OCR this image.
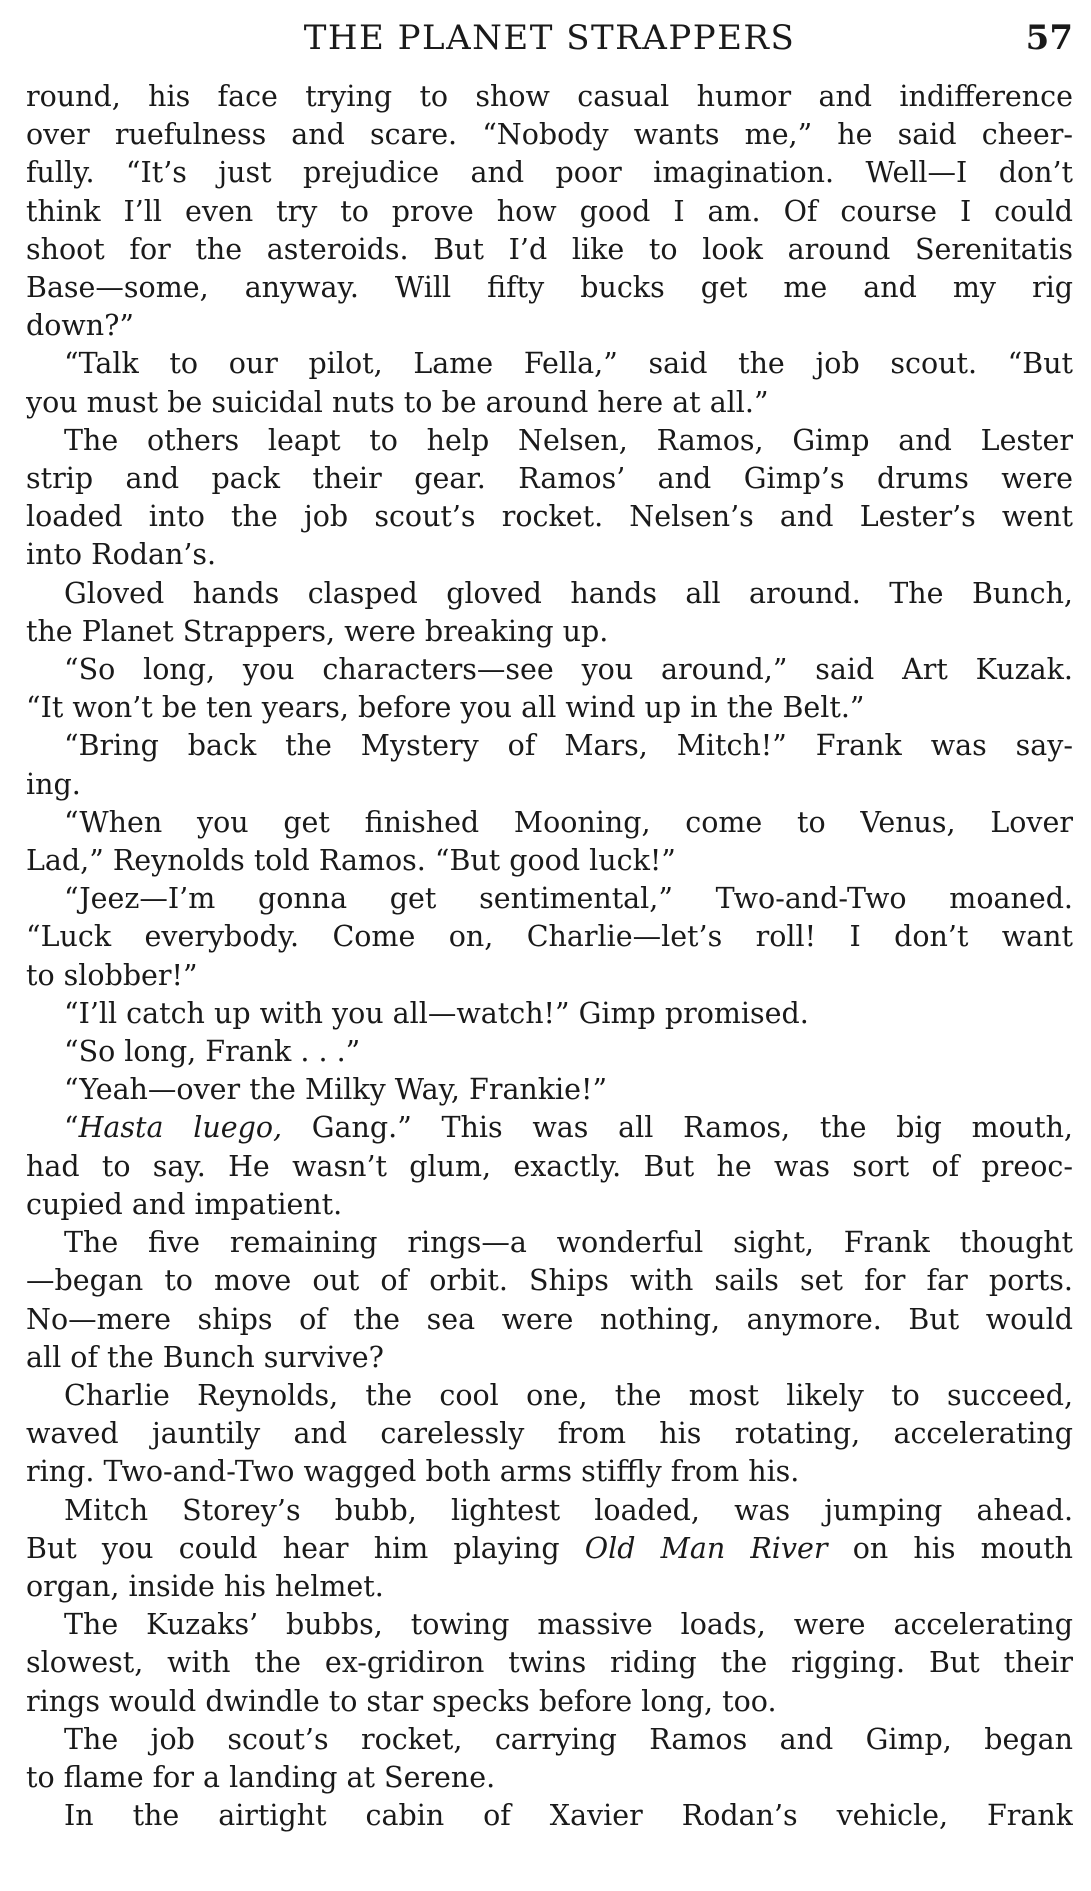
THE PLANET STRAPPERS	57

round, his face trying to show casual humor and indifference
over ruefulness and scare. “Nobody wants me,” he said cheer-
fully. “It’s just prejudice and poor imagination. Well—I don’t
think I’ll even try to prove how good I am. Of course I could
shoot for the asteroids. But I’d like to look around Serenitatis
Base—some, anyway. Will fifty bucks get me and my rig
down?”

“Talk to our pilot, Lame Fella,” said the job scout. “But
you must be suicidal nuts to be around here at all.”

The others leapt to help Nelsen, Ramos, Gimp and Lester
strip and pack their gear. Ramos’ and Gimp’s drums were
loaded into the job scout’s rocket. Nelsen’s and Lester’s went
into Rodan’s.

Gloved hands clasped gloved hands all around. The Bunch,
the Planet Strappers, were breaking up.

“So long, you characters—see you around,” said Art Kuzak.
“It won’t be ten years, before you all wind up in the Belt.”

“Bring back the Mystery of Mars, Mitch!” Frank was say-
ing.

“When you get finished Mooning, come to Venus, Lover
Lad,” Reynolds told Ramos. “But good luck!”

“Jeez—I’m gonna get sentimental,” Two-and-Two moaned.
“Luck everybody. Come on, Charlie—let’s roll! I don’t want
to slobber!”

“I’ll catch up with you all—watch!” Gimp promised.

“So long, Frank . . .”

“Yeah—over the Milky Way, Frankie!”

“Hasta luego, Gang.” This was all Ramos, the big mouth,
had to say. He wasn’t glum, exactly. But he was sort of preoc-
cupied and impatient.

The five remaining rings—a wonderful sight, Frank thought
—began to move out of orbit. Ships with sails set for far ports.
No—mere ships of the sea were nothing, anymore. But would
all of the Bunch survive?

Charlie Reynolds, the cool one, the most likely to succeed,
waved jauntily and carelessly from his rotating, accelerating
ring. Two-and-Two wagged both arms stiffly from his.

Mitch Storey’s bubb, lightest loaded, was jumping ahead.
But you could hear him playing Old Man River on his mouth
organ, inside his helmet.

The Kuzaks’ bubbs, towing massive loads, were accelerating
slowest, with the ex-gridiron twins riding the rigging. But their
rings would dwindle to star specks before long, too.

The job scout’s rocket, carrying Ramos and Gimp, began
to flame for a landing at Serene.

In the airtight cabin of Xavier Rodan’s vehicle, Frank
